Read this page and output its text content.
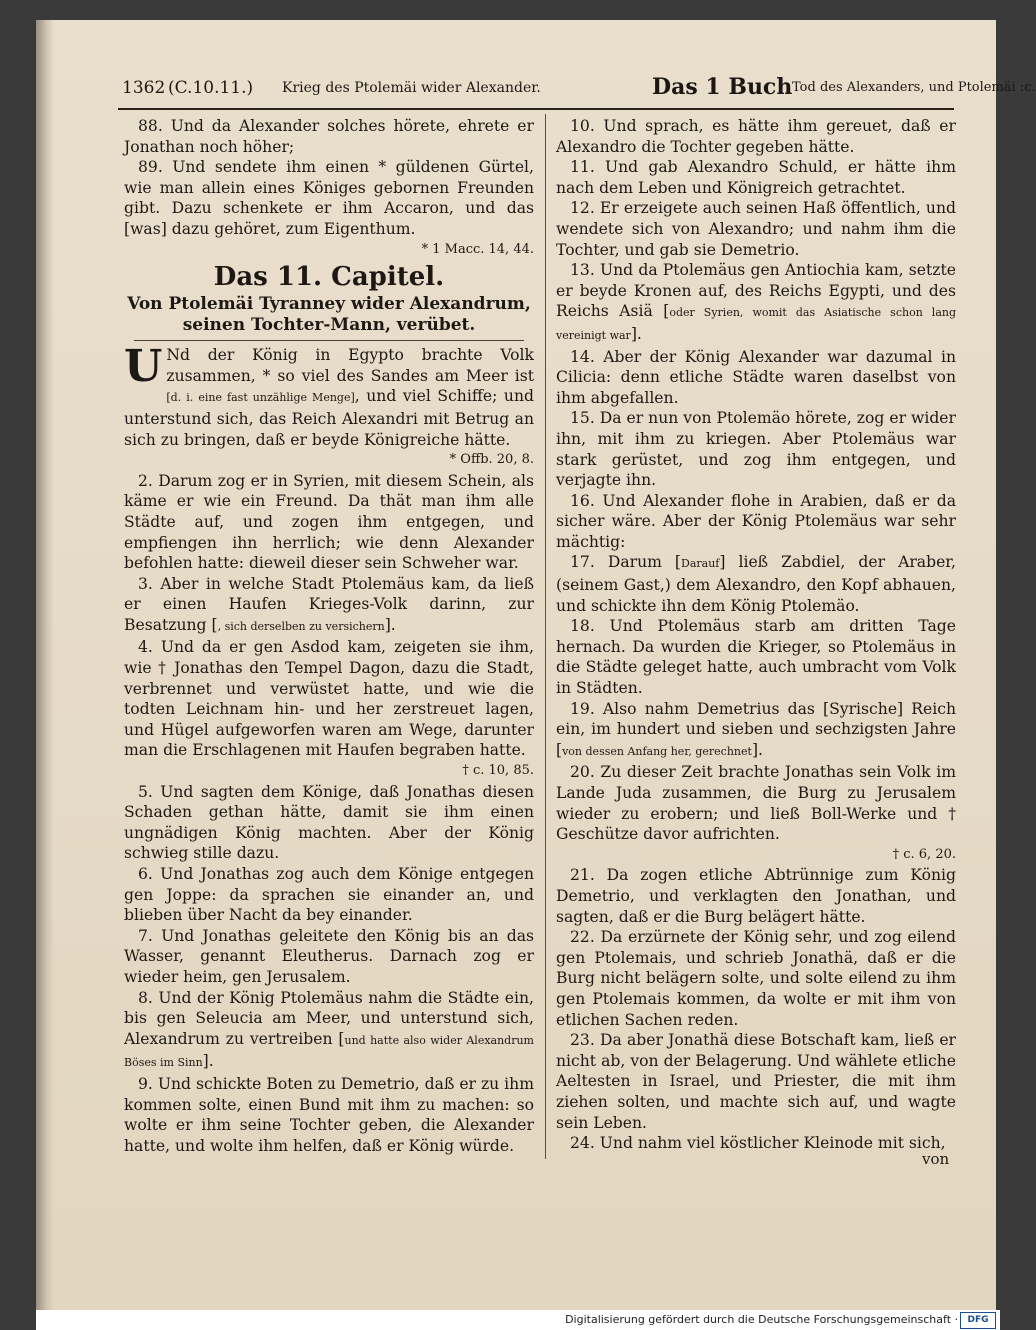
1362 (C.10.11.) Krieg des Ptolemäi wider Alexander.	Das 1 Buch Tod des Alexanders, und Ptolemäi :c.

88. Und da Alexander solches hörete, ehrete er Jonathan noch höher;

89. Und sendete ihm einen * güldenen Gürtel, wie man allein eines Königes gebornen Freunden gibt. Dazu schenkete er ihm Accaron, und das [was] dazu gehöret, zum Eigenthum.

* 1 Macc. 14, 44.
Das 11. Capitel.
Von Ptolemäi Tyranney wider Alexandrum, seinen Tochter-Mann, verübet.

U Nd der König in Egypto brachte Volk zusammen, * so viel des Sandes am Meer ist [d. i. eine fast unzählige Menge], und viel Schiffe; und unterstund sich, das Reich Alexandri mit Betrug an sich zu bringen, daß er beyde Königreiche hätte.

* Offb. 20, 8.

2. Darum zog er in Syrien, mit diesem Schein, als käme er wie ein Freund. Da thät man ihm alle Städte auf, und zogen ihm entgegen, und empfiengen ihn herrlich; wie denn Alexander befohlen hatte: dieweil dieser sein Schweher war.

3. Aber in welche Stadt Ptolemäus kam, da ließ er einen Haufen Krieges-Volk darinn, zur Besatzung [, sich derselben zu versichern].

4. Und da er gen Asdod kam, zeigeten sie ihm, wie † Jonathas den Tempel Dagon, dazu die Stadt, verbrennet und verwüstet hatte, und wie die todten Leichnam hin- und her zerstreuet lagen, und Hügel aufgeworfen waren am Wege, darunter man die Erschlagenen mit Haufen begraben hatte.

† c. 10, 85.

5. Und sagten dem Könige, daß Jonathas diesen Schaden gethan hätte, damit sie ihm einen ungnädigen König machten. Aber der König schwieg stille dazu.

6. Und Jonathas zog auch dem Könige entgegen gen Joppe: da sprachen sie einander an, und blieben über Nacht da bey einander.

7. Und Jonathas geleitete den König bis an das Wasser, genannt Eleutherus. Darnach zog er wieder heim, gen Jerusalem.

8. Und der König Ptolemäus nahm die Städte ein, bis gen Seleucia am Meer, und unterstund sich, Alexandrum zu vertreiben [und hatte also wider Alexandrum Böses im Sinn].

9. Und schickte Boten zu Demetrio, daß er zu ihm kommen solte, einen Bund mit ihm zu machen: so wolte er ihm seine Tochter geben, die Alexander hatte, und wolte ihm helfen, daß er König würde.

10. Und sprach, es hätte ihm gereuet, daß er Alexandro die Tochter gegeben hätte.

11. Und gab Alexandro Schuld, er hätte ihm nach dem Leben und Königreich getrachtet.

12. Er erzeigete auch seinen Haß öffentlich, und wendete sich von Alexandro; und nahm ihm die Tochter, und gab sie Demetrio.

13. Und da Ptolemäus gen Antiochia kam, setzte er beyde Kronen auf, des Reichs Egypti, und des Reichs Asiä [oder Syrien, womit das Asiatische schon lang vereinigt war].

14. Aber der König Alexander war dazumal in Cilicia: denn etliche Städte waren daselbst von ihm abgefallen.

15. Da er nun von Ptolemäo hörete, zog er wider ihn, mit ihm zu kriegen. Aber Ptolemäus war stark gerüstet, und zog ihm entgegen, und verjagte ihn.

16. Und Alexander flohe in Arabien, daß er da sicher wäre. Aber der König Ptolemäus war sehr mächtig:

17. Darum [Darauf] ließ Zabdiel, der Araber, (seinem Gast,) dem Alexandro, den Kopf abhauen, und schickte ihn dem König Ptolemäo.

18. Und Ptolemäus starb am dritten Tage hernach. Da wurden die Krieger, so Ptolemäus in die Städte geleget hatte, auch umbracht vom Volk in Städten.

19. Also nahm Demetrius das [Syrische] Reich ein, im hundert und sieben und sechzigsten Jahre [von dessen Anfang her, gerechnet].

20. Zu dieser Zeit brachte Jonathas sein Volk im Lande Juda zusammen, die Burg zu Jerusalem wieder zu erobern; und ließ Boll-Werke und † Geschütze davor aufrichten.

† c. 6, 20.

21. Da zogen etliche Abtrünnige zum König Demetrio, und verklagten den Jonathan, und sagten, daß er die Burg belägert hätte.

22. Da erzürnete der König sehr, und zog eilend gen Ptolemais, und schrieb Jonathä, daß er die Burg nicht belägern solte, und solte eilend zu ihm gen Ptolemais kommen, da wolte er mit ihm von etlichen Sachen reden.

23. Da aber Jonathä diese Botschaft kam, ließ er nicht ab, von der Belagerung. Und wählete etliche Aeltesten in Israel, und Priester, die mit ihm ziehen solten, und machte sich auf, und wagte sein Leben.

24. Und nahm viel köstlicher Kleinode mit sich,

von
Digitalisierung gefördert durch die Deutsche Forschungsgemeinschaft ·	DFG
